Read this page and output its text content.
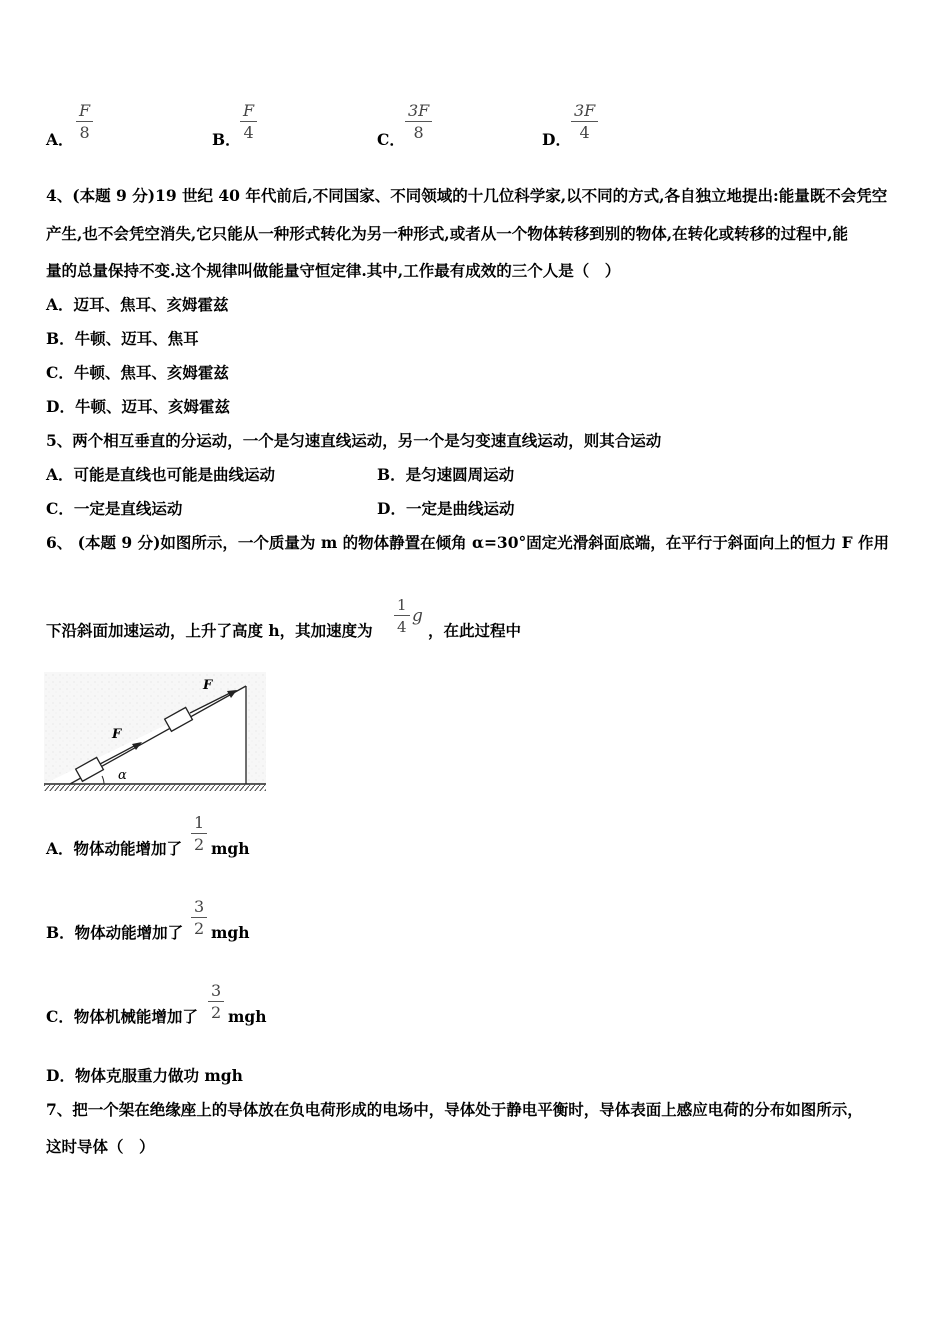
A．
F
8	B．
F
4	C．
3F
8	D．
3F
4
4、(本题 9 分)19 世纪 40 年代前后,不同国家、不同领域的十几位科学家,以不同的方式,各自独立地提出:能量既不会凭空
产生,也不会凭空消失,它只能从一种形式转化为另一种形式,或者从一个物体转移到别的物体,在转化或转移的过程中,能
量的总量保持不变.这个规律叫做能量守恒定律.其中,工作最有成效的三个人是（　）
A．迈耳、焦耳、亥姆霍兹
B．牛顿、迈耳、焦耳
C．牛顿、焦耳、亥姆霍兹
D．牛顿、迈耳、亥姆霍兹
5、两个相互垂直的分运动，一个是匀速直线运动，另一个是匀变速直线运动，则其合运动
A．可能是直线也可能是曲线运动	B．是匀速圆周运动
C．一定是直线运动	D．一定是曲线运动
6、 (本题 9 分)如图所示，一个质量为 m 的物体静置在倾角 α=30°固定光滑斜面底端，在平行于斜面向上的恒力 F 作用
下沿斜面加速运动，上升了高度 h，其加速度为
1
4
g
，在此过程中
α
F
F
A．物体动能增加了
1
2 mgh
B．物体动能增加了
3
2 mgh
C．物体机械能增加了
3
2 mgh
D．物体克服重力做功 mgh
7、把一个架在绝缘座上的导体放在负电荷形成的电场中，导体处于静电平衡时，导体表面上感应电荷的分布如图所示，
这时导体（　）
